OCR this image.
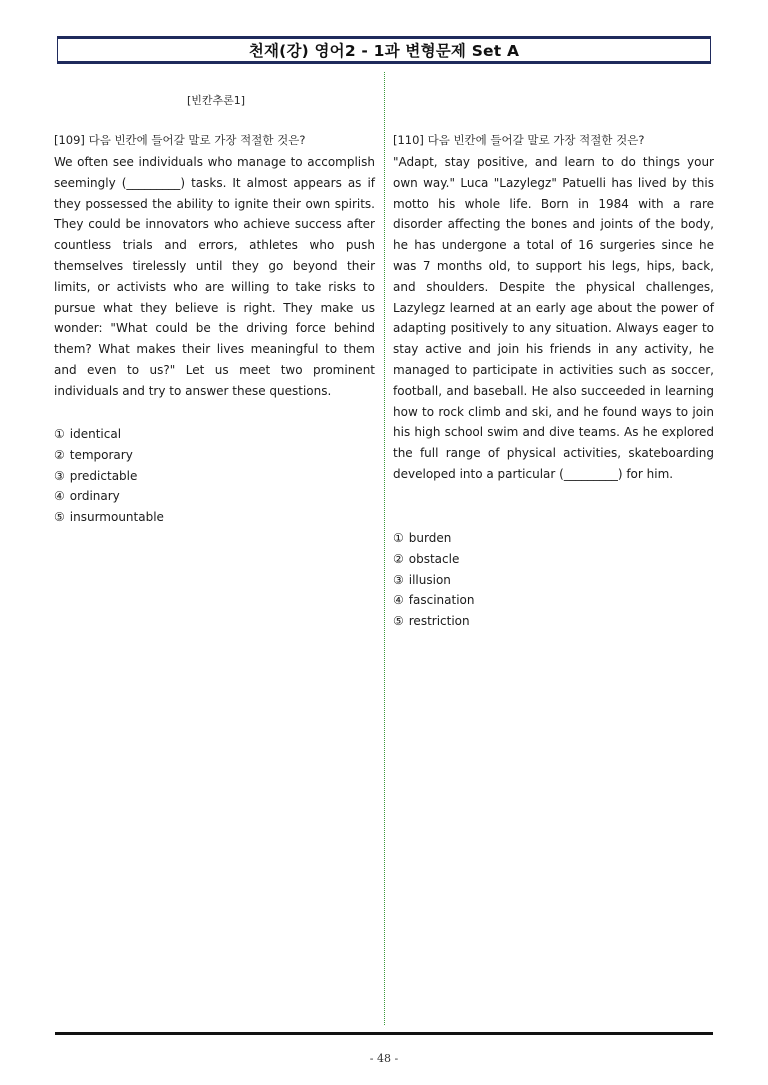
천재(강) 영어2 - 1과 변형문제 Set A
[빈칸추론1]
[109] 다음 빈칸에 들어갈 말로 가장 적절한 것은?
We often see individuals who manage to accomplish seemingly (_________) tasks. It almost appears as if they possessed the ability to ignite their own spirits. They could be innovators who achieve success after countless trials and errors, athletes who push themselves tirelessly until they go beyond their limits, or activists who are willing to take risks to pursue what they believe is right. They make us wonder: "What could be the driving force behind them? What makes their lives meaningful to them and even to us?" Let us meet two prominent individuals and try to answer these questions.
① identical
② temporary
③ predictable
④ ordinary
⑤ insurmountable
[110] 다음 빈칸에 들어갈 말로 가장 적절한 것은?
"Adapt, stay positive, and learn to do things your own way." Luca "Lazylegz" Patuelli has lived by this motto his whole life. Born in 1984 with a rare disorder affecting the bones and joints of the body, he has undergone a total of 16 surgeries since he was 7 months old, to support his legs, hips, back, and shoulders. Despite the physical challenges, Lazylegz learned at an early age about the power of adapting positively to any situation. Always eager to stay active and join his friends in any activity, he managed to participate in activities such as soccer, football, and baseball. He also succeeded in learning how to rock climb and ski, and he found ways to join his high school swim and dive teams. As he explored the full range of physical activities, skateboarding developed into a particular (_________) for him.
① burden
② obstacle
③ illusion
④ fascination
⑤ restriction
- 48 -
